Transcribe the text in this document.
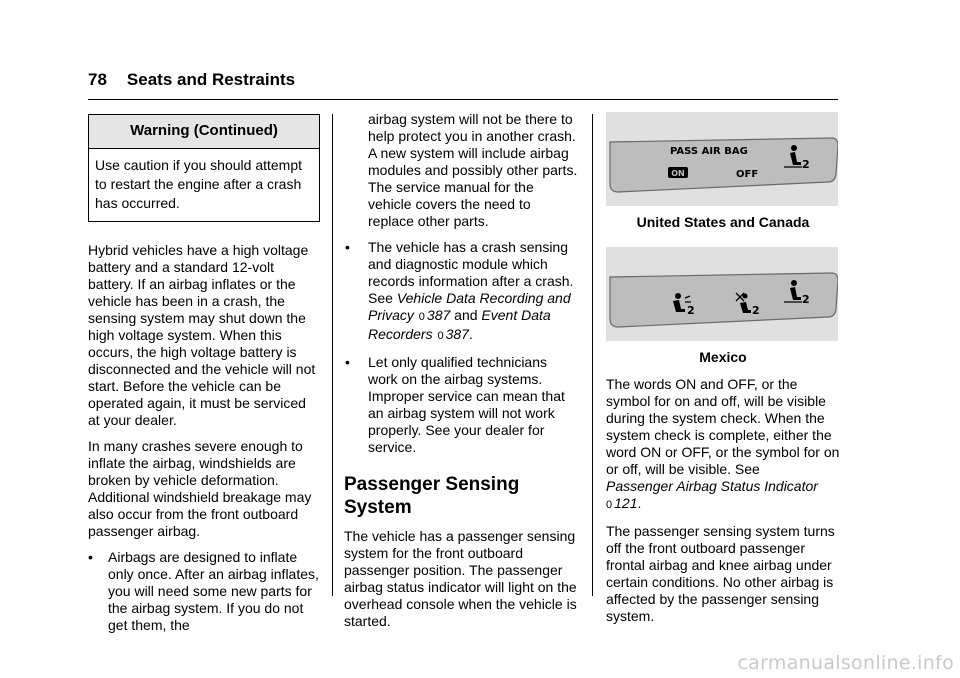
78 Seats and Restraints
Warning (Continued)
Use caution if you should attempt to restart the engine after a crash has occurred.

Hybrid vehicles have a high voltage battery and a standard 12-volt battery. If an airbag inflates or the vehicle has been in a crash, the sensing system may shut down the high voltage system. When this occurs, the high voltage battery is disconnected and the vehicle will not start. Before the vehicle can be operated again, it must be serviced at your dealer.

In many crashes severe enough to inflate the airbag, windshields are broken by vehicle deformation. Additional windshield breakage may also occur from the front outboard passenger airbag.

• Airbags are designed to inflate only once. After an airbag inflates, you will need some new parts for the airbag system. If you do not get them, the
airbag system will not be there to help protect you in another crash. A new system will include airbag modules and possibly other parts. The service manual for the vehicle covers the need to replace other parts.
• The vehicle has a crash sensing and diagnostic module which records information after a crash.
See Vehicle Data Recording and Privacy 0 387 and Event Data Recorders 0 387.
• Let only qualified technicians work on the airbag systems. Improper service can mean that an airbag system will not work properly. See your dealer for service.
Passenger Sensing System

The vehicle has a passenger sensing system for the front outboard passenger position. The passenger airbag status indicator will light on the overhead console when the vehicle is started.

PASS AIR BAG
ON	OFF
2
United States and Canada
2	2
2
Mexico

The words ON and OFF, or the symbol for on and off, will be visible during the system check. When the system check is complete, either the word ON or OFF, or the symbol for on or off, will be visible. See
Passenger Airbag Status Indicator
0 121.

The passenger sensing system turns off the front outboard passenger frontal airbag and knee airbag under certain conditions. No other airbag is affected by the passenger sensing system.

carmanualsonline.info
